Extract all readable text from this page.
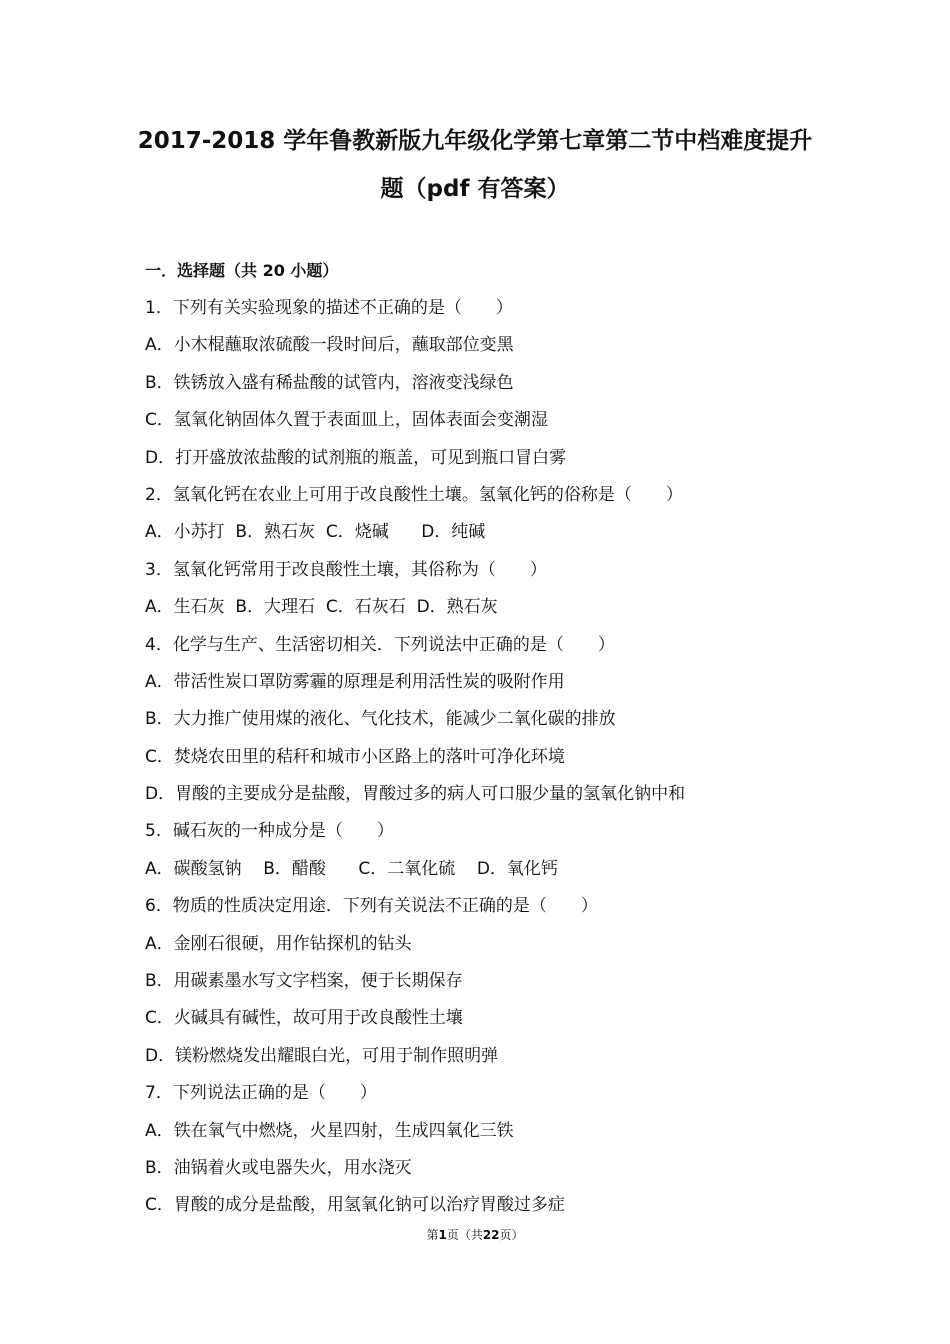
2017-2018 学年鲁教新版九年级化学第七章第二节中档难度提升
题（pdf 有答案）
一．选择题（共 20 小题）
1．下列有关实验现象的描述不正确的是（　　）
A．小木棍蘸取浓硫酸一段时间后，蘸取部位变黑
B．铁锈放入盛有稀盐酸的试管内，溶液变浅绿色
C．氢氧化钠固体久置于表面皿上，固体表面会变潮湿
D．打开盛放浓盐酸的试剂瓶的瓶盖，可见到瓶口冒白雾
2．氢氧化钙在农业上可用于改良酸性土壤。氢氧化钙的俗称是（　　）
A．小苏打  B．熟石灰  C．烧碱      D．纯碱
3．氢氧化钙常用于改良酸性土壤，其俗称为（　　）
A．生石灰  B．大理石  C．石灰石  D．熟石灰
4．化学与生产、生活密切相关．下列说法中正确的是（　　）
A．带活性炭口罩防雾霾的原理是利用活性炭的吸附作用
B．大力推广使用煤的液化、气化技术，能减少二氧化碳的排放
C．焚烧农田里的秸秆和城市小区路上的落叶可净化环境
D．胃酸的主要成分是盐酸，胃酸过多的病人可口服少量的氢氧化钠中和
5．碱石灰的一种成分是（　　）
A．碳酸氢钠    B．醋酸      C．二氧化硫    D．氧化钙
6．物质的性质决定用途．下列有关说法不正确的是（　　）
A．金刚石很硬，用作钻探机的钻头
B．用碳素墨水写文字档案，便于长期保存
C．火碱具有碱性，故可用于改良酸性土壤
D．镁粉燃烧发出耀眼白光，可用于制作照明弹
7．下列说法正确的是（　　）
A．铁在氧气中燃烧，火星四射，生成四氧化三铁
B．油锅着火或电器失火，用水浇灭
C．胃酸的成分是盐酸，用氢氧化钠可以治疗胃酸过多症
第1页（共22页）
